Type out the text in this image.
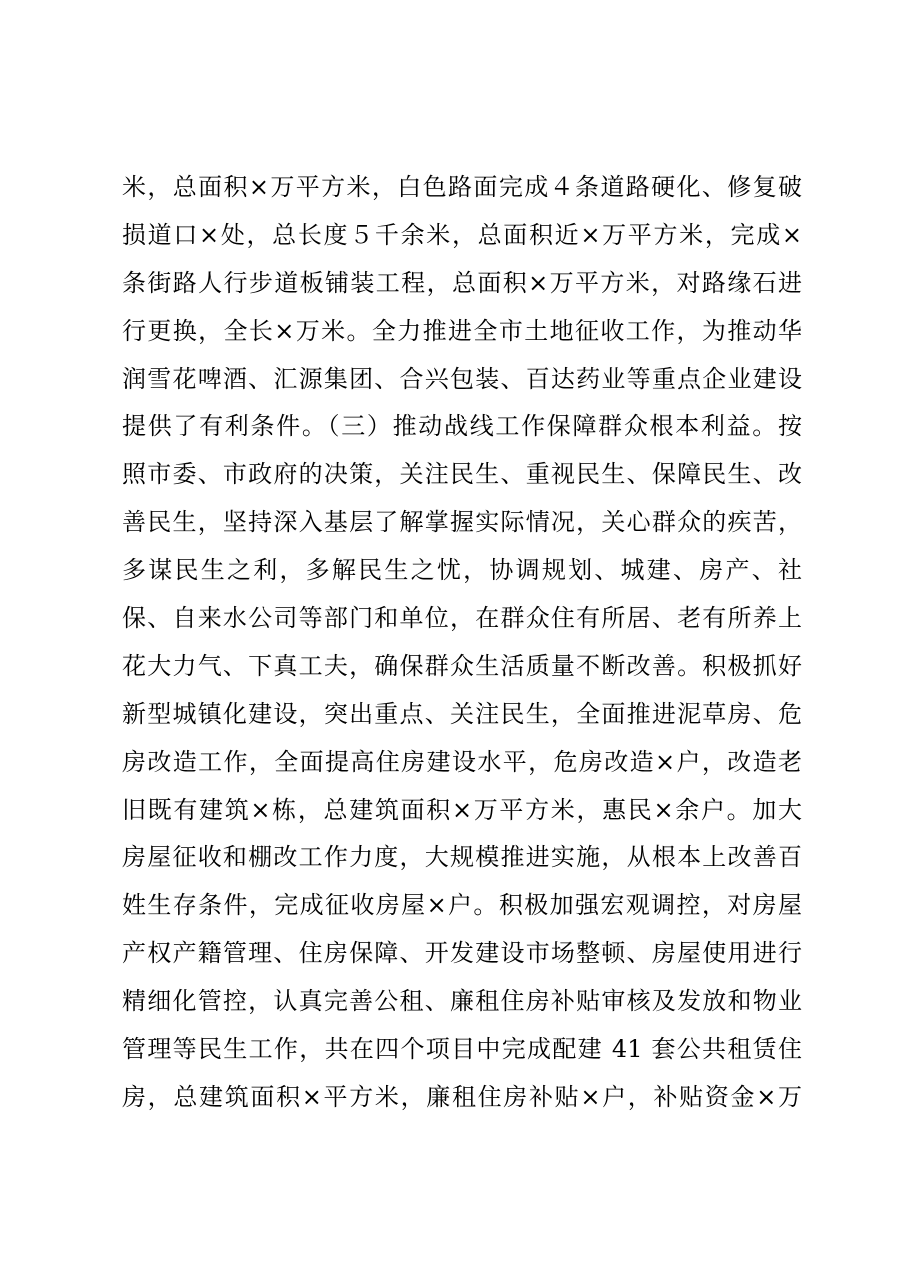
米，总面积×万平方米，白色路面完成４条道路硬化、修复破
损道口×处，总长度５千余米，总面积近×万平方米，完成×
条街路人行步道板铺装工程，总面积×万平方米，对路缘石进
行更换，全长×万米。全力推进全市土地征收工作，为推动华
润雪花啤酒、汇源集团、合兴包装、百达药业等重点企业建设
提供了有利条件。（三）推动战线工作保障群众根本利益。按
照市委、市政府的决策，关注民生、重视民生、保障民生、改
善民生，坚持深入基层了解掌握实际情况，关心群众的疾苦，
多谋民生之利，多解民生之忧，协调规划、城建、房产、社
保、自来水公司等部门和单位，在群众住有所居、老有所养上
花大力气、下真工夫，确保群众生活质量不断改善。积极抓好
新型城镇化建设，突出重点、关注民生，全面推进泥草房、危
房改造工作，全面提高住房建设水平，危房改造×户，改造老
旧既有建筑×栋，总建筑面积×万平方米，惠民×余户。加大
房屋征收和棚改工作力度，大规模推进实施，从根本上改善百
姓生存条件，完成征收房屋×户。积极加强宏观调控，对房屋
产权产籍管理、住房保障、开发建设市场整顿、房屋使用进行
精细化管控，认真完善公租、廉租住房补贴审核及发放和物业
管理等民生工作，共在四个项目中完成配建 41 套公共租赁住
房，总建筑面积×平方米，廉租住房补贴×户，补贴资金×万
